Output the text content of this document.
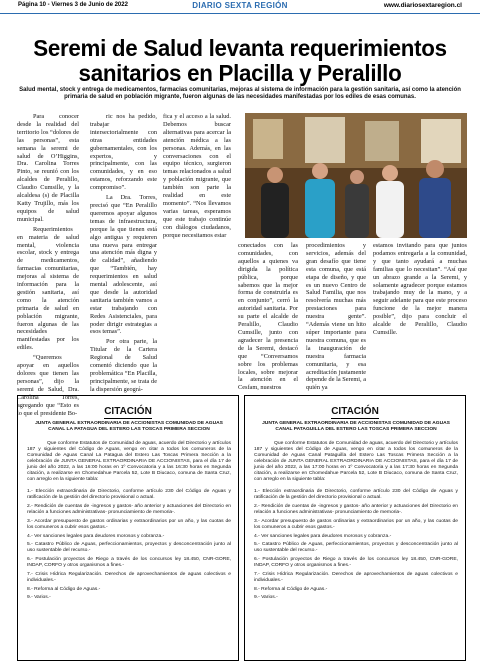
Página 10 - Viernes 3 de Junio de 2022	DIARIO SEXTA REGIÓN	www.diariosextaregion.cl
Seremi de Salud levanta requerimientos sanitarios en Placilla y Peralillo
Salud mental, stock y entrega de medicamentos, farmacias comunitarias, mejoras al sistema de información para la gestión sanitaria, así como la atención primaria de salud en población migrante, fueron algunas de las necesidades manifestadas por los ediles de esas comunas.

Para conocer desde la realidad del territorio los “dolores de las personas”, esta semana la seremi de salud de O’Higgins, Dra. Carolina Torres Pinto, se reunió con los alcaldes de Peralillo, Claudio Cumsille, y la alcaldesa (s) de Placilla Katty Trujillo, más los equipos de salud municipal.

Requerimientos en materia de salud mental, violencia escolar, stock y entrega de medicamentos, farmacias comunitarias, mejoras al sistema de información para la gestión sanitaria, así como la atención primaria de salud en población migrante, fueron algunas de las necesidades manifestadas por los ediles.

“Queremos apoyar en aquellos dolores que tienen las personas”, dijo la seremi de Salud, Dra. Carolina Torres, agregando que “Esto es lo que el presidente Bo-

ric nos ha pedido, trabajar intersectorialmente con otras entidades gubernamentales, con los expertos, y principalmente, con las comunidades, y en eso estamos, reforzando este compromiso”.

La Dra. Torres, precisó que “En Peralillo queremos apoyar algunos temas de infraestructura, porque la que tienen está algo antigua y requieren una nueva para entregar una atención más digna y de calidad”, añadiendo que “También, hay requerimientos en salud mental adolescente, así que desde la autoridad sanitaria también vamos a estar trabajando con Redes Asistenciales, para poder dirigir estrategias a esos temas”.

Por otra parte, la Titular de la Cartera Regional de Salud comentó diciendo que la problemática “En Placilla, principalmente, se trata de la dispersión geográ-

fica y el acceso a la salud. Debemos buscar alternativas para acercar la atención médica a las personas. Además, en las conversaciones con el equipo técnico, surgieron temas relacionados a salud y población migrante, que también son parte la realidad en este momento”. “Nos llevamos varias tareas, esperamos que este trabajo continúe con diálogos ciudadanos, porque necesitamos estar

conectados con las comunidades, con aquellos a quienes va dirigida la política pública, porque sabemos que la mejor forma de construirla es en conjunto”, cerró la autoridad sanitaria. Por su parte el alcalde de Peralillo, Claudio Cumsille, junto con agradecer la presencia de la Seremi, destacó que “Conversamos sobre los problemas locales, sobre mejorar la atención en el Cesfam, nuestros

procedimientos y servicios, además del gran desafío que tiene esta comuna, que está etapa de diseño, y que es un nuevo Centro de Salud Familia, que nos resolvería muchas más prestaciones para nuestra gente”. “Además viene un hito súper importante para nuestra comuna, que es la inauguración de nuestra farmacia comunitaria, y esa acreditación justamente depende de la Seremi, a quién ya

estamos invitando para que juntos podamos entregarla a la comunidad, y que tanto ayudará a muchas familias que lo necesitan”. “Así que un abrazo grande a la Seremi, y solamente agradecer porque estamos trabajando muy de la mano, y a seguir adelante para que este proceso funcione de la mejor manera posible”, dijo para concluir el alcalde de Peralillo, Claudio Cumsille.

CITACIÓN
JUNTA GENERAL EXTRAORDINARIA DE ACCIONISTAS COMUNIDAD DE AGUAS CANAL LA PATAGUA DEL ESTERO LAS TOSCAS PRIMERA SECCION

Que conforme Estatutos de Comunidad de aguas, acuerdo del Directorio y artículos 187 y siguientes del Código de Aguas, vengo en citar a todos los comuneros de la Comunidad de Aguas Canal La Patagua del Estero Las Toscas Primera Sección a la celebración de JUNTA GENERAL EXTRAORDINARIA DE ACCIONISTAS, para el día 17 de junio del año 2022, a las 16:00 horas en 1º Convocatoria y a las 16:30 horas en Segunda citación, a realizarse en Chomedahue Parcela 52, Lote B Diucaco, comuna de Santa Cruz, con arreglo en la siguiente tabla:

1.- Elección extraordinaria de Directorio, conforme artículo 230 del Código de Aguas y ratificación de la gestión del directorio provisional o actual.

2.- Rendición de cuentas de -ingresos y gastos- año anterior y actuaciones del Directorio en relación a funciones administrativas- pronunciamiento de memoria-.

3.- Acordar presupuesto de gastos ordinarias y extraordinarios por un año, y las cuotas de los comuneros a cubrir esos gastos.-

4.- Ver sanciones legales para deudores morosos y cobranza.-

5.- Catastro Público de Aguas, perfeccionamientos, proyectos y desconcentración junto al uso sustentable del recurso.-

6.- Postulación proyectos de Riego a través de los concursos ley 18.450, CNR-GORE, INDAP, CORFO y otros organismos a fines.-

7.- Crisis Hídrica Regularización. Derechos de aprovechamientos de aguas colectivos e individuales.-

8.- Reforma al Código de Aguas.-

9.- Varios.-

CITACIÓN
JUNTA GENERAL EXTRAORDINARIA DE ACCIONISTAS COMUNIDAD DE AGUAS CANAL PATAGUILLA DEL ESTERO LAS TOSCAS PRIMERA SECCION

Que conforme Estatutos de Comunidad de aguas, acuerdo del Directorio y artículos 187 y siguientes del Código de Aguas, vengo en citar a todos los comuneros de la Comunidad de Aguas Canal Pataguilla del Estero Las Toscas Primera Sección a la celebración de JUNTA GENERAL EXTRAORDINARIA DE ACCIONISTAS, para el día 17 de junio del año 2022, a las 17:00 horas en 1º Convocatoria y a las 17:30 horas en Segunda citación, a realizarse en Chomedahue Parcela 52, Lote B Diucaco, comuna de Santa Cruz, con arreglo en la siguiente tabla:

1.- Elección extraordinaria de Directorio, conforme artículo 230 del Código de Aguas y ratificación de la gestión del directorio provisional o actual.

2.- Rendición de cuentas de -ingresos y gastos- año anterior y actuaciones del Directorio en relación a funciones administrativas- pronunciamiento de memoria-.

3.- Acordar presupuesto de gastos ordinarias y extraordinarios por un año, y las cuotas de los comuneros a cubrir esos gastos.-

4.- Ver sanciones legales para deudores morosos y cobranza.-

5.- Catastro Público de Aguas, perfeccionamientos, proyectos y desconcentración junto al uso sustentable del recurso.-

6.- Postulación proyectos de Riego a través de los concursos ley 18.450, CNR-GORE, INDAP, CORFO y otros organismos a fines.-

7.- Crisis Hídrica Regularización. Derechos de aprovechamientos de aguas colectivos e individuales.-

8.- Reforma al Código de Aguas.-

9.- Varios.-
